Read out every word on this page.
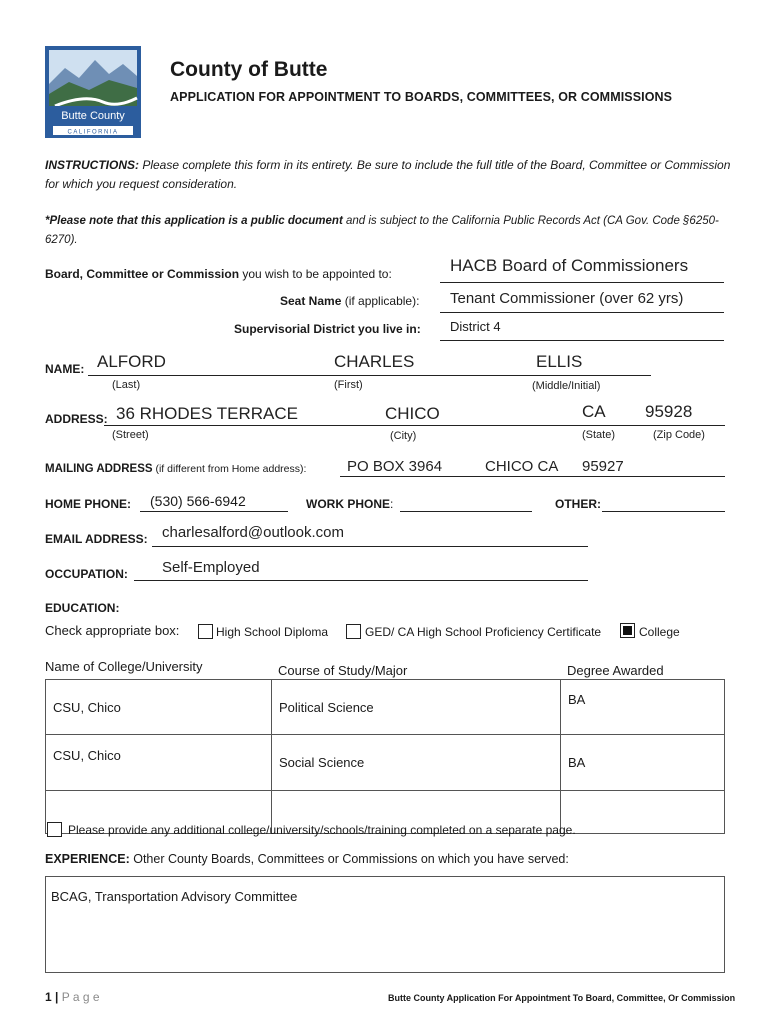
Butte County
CALIFORNIA
County of Butte
APPLICATION FOR APPOINTMENT TO BOARDS, COMMITTEES, OR COMMISSIONS
INSTRUCTIONS: Please complete this form in its entirety. Be sure to include the full title of the Board, Committee or Commission for which you request consideration.
*Please note that this application is a public document and is subject to the California Public Records Act (CA Gov. Code §6250-6270).
Board, Committee or Commission you wish to be appointed to:	HACB Board of Commissioners
Seat Name (if applicable): Tenant Commissioner (over 62 yrs)
Supervisorial District you live in: District 4
NAME: ALFORD	CHARLES	ELLIS
(Last)	(First)	(Middle/Initial)
ADDRESS: 36 RHODES TERRACE	CHICO	CA 95928
(Street)	(City)	(State)	(Zip Code)
MAILING ADDRESS (if different from Home address):	PO BOX 3964	CHICO CA 95927
HOME PHONE: (530) 566-6942	WORK PHONE:	OTHER:
EMAIL ADDRESS: charlesalford@outlook.com
OCCUPATION: Self-Employed
EDUCATION:
Check appropriate box:	High School Diploma	GED/ CA High School Proficiency Certificate	College
Name of College/University	Course of Study/Major	Degree Awarded
CSU, Chico	Political Science	BA
CSU, Chico	Social Science	BA

Please provide any additional college/university/schools/training completed on a separate page.
EXPERIENCE: Other County Boards, Committees or Commissions on which you have served:
BCAG, Transportation Advisory Committee
1 | P a g e	Butte County Application For Appointment To Board, Committee, Or Commission
